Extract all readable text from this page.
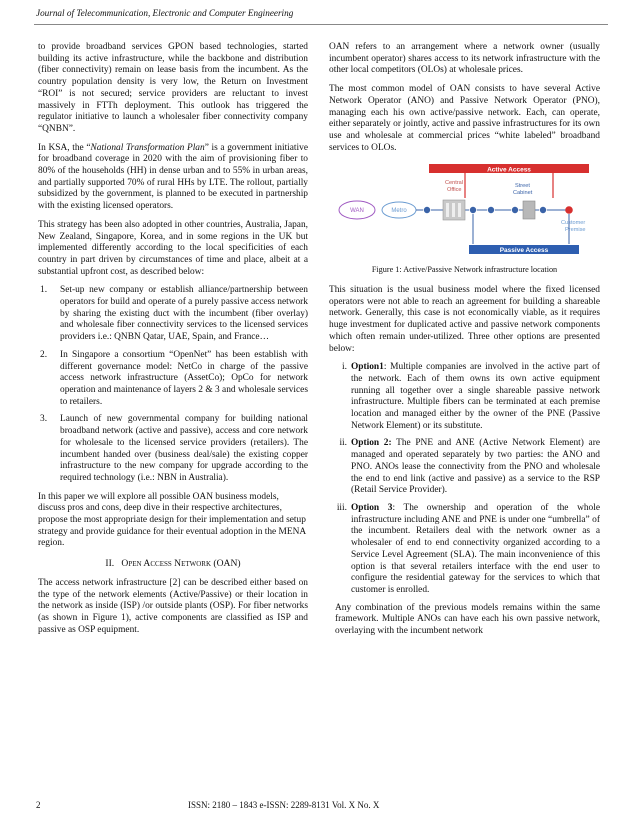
Journal of Telecommunication, Electronic and Computer Engineering

to provide broadband services GPON based technologies, started building its active infrastructure, while the backbone and distribution (fiber connectivity) remain on lease basis from the incumbent. As the country population density is very low, the Return on Investment “ROI” is not secured; service providers are reluctant to invest massively in FTTh deployment. This outlook has triggered the regulator initiative to launch a wholesaler fiber connectivity company “QNBN”.

In KSA, the “National Transformation Plan” is a government initiative for broadband coverage in 2020 with the aim of provisioning fiber to 80% of the households (HH) in dense urban and to 55% in urban areas, and partially supported 70% of rural HHs by LTE. The rollout, partially subsidized by the government, is planned to be executed in partnership with the existing licensed operators.

This strategy has been also adopted in other countries, Australia, Japan, New Zealand, Singapore, Korea, and in some regions in the UK but implemented differently according to the local specificities of each country in part driven by circumstances of time and place, albeit at a substantial upfront cost, as described below:

1. Set-up new company or establish alliance/partnership between operators for build and operate of a purely passive access network by sharing the existing duct with the incumbent (fiber overlay) and wholesale fiber connectivity services to the licensed services providers i.e.: QNBN Qatar, UAE, Spain, and France…
2. In Singapore a consortium “OpenNet” has been establish with different governance model: NetCo in charge of the passive access network infrastructure (AssetCo); OpCo for network operation and maintenance of layers 2 & 3 and wholesale services to retailers.
3. Launch of new governmental company for building national broadband network (active and passive), access and core network for wholesale to the licensed service providers (retailers). The incumbent handed over (business deal/sale) the existing copper infrastructure to the new company for upgrade according to the required technology (i.e.: NBN in Australia).

In this paper we will explore all possible OAN business models, discuss pros and cons, deep dive in their respective architectures, propose the most appropriate design for their implementation and setup strategy and provide guidance for their eventual adoption in the MENA region.

II. Open Access Network (OAN)

The access network infrastructure [2] can be described either based on the type of the network elements (Active/Passive) or their location in the network as inside (ISP) /or outside plants (OSP). For fiber networks (as shown in Figure 1), active components are classified as ISP and passive as OSP equipment.

OAN refers to an arrangement where a network owner (usually incumbent operator) shares access to its network infrastructure with the other local competitors (OLOs) at wholesale prices.

The most common model of OAN consists to have several Active Network Operator (ANO) and Passive Network Operator (PNO), managing each his own active/passive network. Each, can operate, either separately or jointly, active and passive infrastructures for its own use and wholesale at commercial prices “white labeled” broadband services to OLOs.

Active Access
Central Office
Street Cabinet
WAN	Metro
Customer Premise
Passive Access
Figure 1: Active/Passive Network infrastructure location

This situation is the usual business model where the fixed licensed operators were not able to reach an agreement for building a shareable network. Generally, this case is not economically viable, as it requires huge investment for duplicated active and passive network components which often remain under-utilized. Three other options are presented below:

i. Option1: Multiple companies are involved in the active part of the network. Each of them owns its own active equipment running all together over a single shareable passive network infrastructure. Multiple fibers can be terminated at each premise location and managed either by the owner of the PNE (Passive Network Element) or its substitute.
ii. Option 2: The PNE and ANE (Active Network Element) are managed and operated separately by two parties: the ANO and PNO. ANOs lease the connectivity from the PNO and wholesale the end to end link (active and passive) as a service to the RSP (Retail Service Provider).
iii. Option 3: The ownership and operation of the whole infrastructure including ANE and PNE is under one “umbrella” of the incumbent. Retailers deal with the network owner as a wholesaler of end to end connectivity organized according to a Service Level Agreement (SLA). The main inconvenience of this option is that several retailers interface with the end user to configure the residential gateway for the services to which that customer is enrolled.

Any combination of the previous models remains within the same framework. Multiple ANOs can have each his own passive network, overlaying with the incumbent network

2	ISSN: 2180 – 1843 e-ISSN: 2289-8131 Vol. X No. X
